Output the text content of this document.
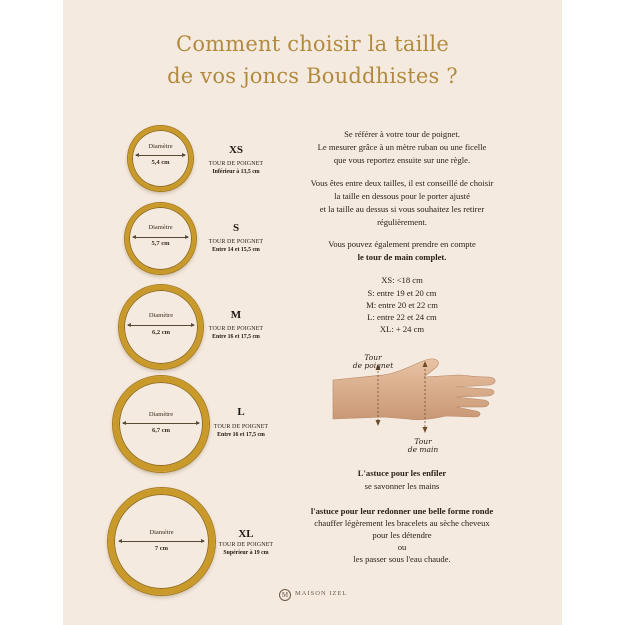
Comment choisir la taille
de vos joncs Bouddhistes ?
Diamètre
5,4 cm
XS
TOUR DE POIGNET
Inférieur à 13,5 cm
Diamètre
5,7 cm
S
TOUR DE POIGNET
Entre 14 et 15,5 cm
Diamètre
6,2 cm
M
TOUR DE POIGNET
Entre 16 et 17,5 cm
Diamètre
6,7 cm
L
TOUR DE POIGNET
Entre 16 et 17,5 cm
Diamètre
7 cm
XL
TOUR DE POIGNET
Supérieur à 19 cm
Se référer à votre tour de poignet.
Le mesurer grâce à un mètre ruban ou une ficelle
que vous reportez ensuite sur une règle.
Vous êtes entre deux tailles, il est conseillé de choisir
la taille en dessous pour le porter ajusté
et la taille au dessus si vous souhaitez les retirer
régulièrement.
Vous pouvez également prendre en compte
le tour de main complet.
XS: <18 cm
S: entre 19 et 20 cm
M: entre 20 et 22 cm
L: entre 22 et 24 cm
XL: + 24 cm
Tour
de poignet
Tour
de main
L'astuce pour les enfiler
se savonner les mains
l'astuce pour leur redonner une belle forme ronde
chauffer légèrement les bracelets au sèche cheveux
pour les détendre
ou
les passer sous l'eau chaude.
M	MAISON IZEL
